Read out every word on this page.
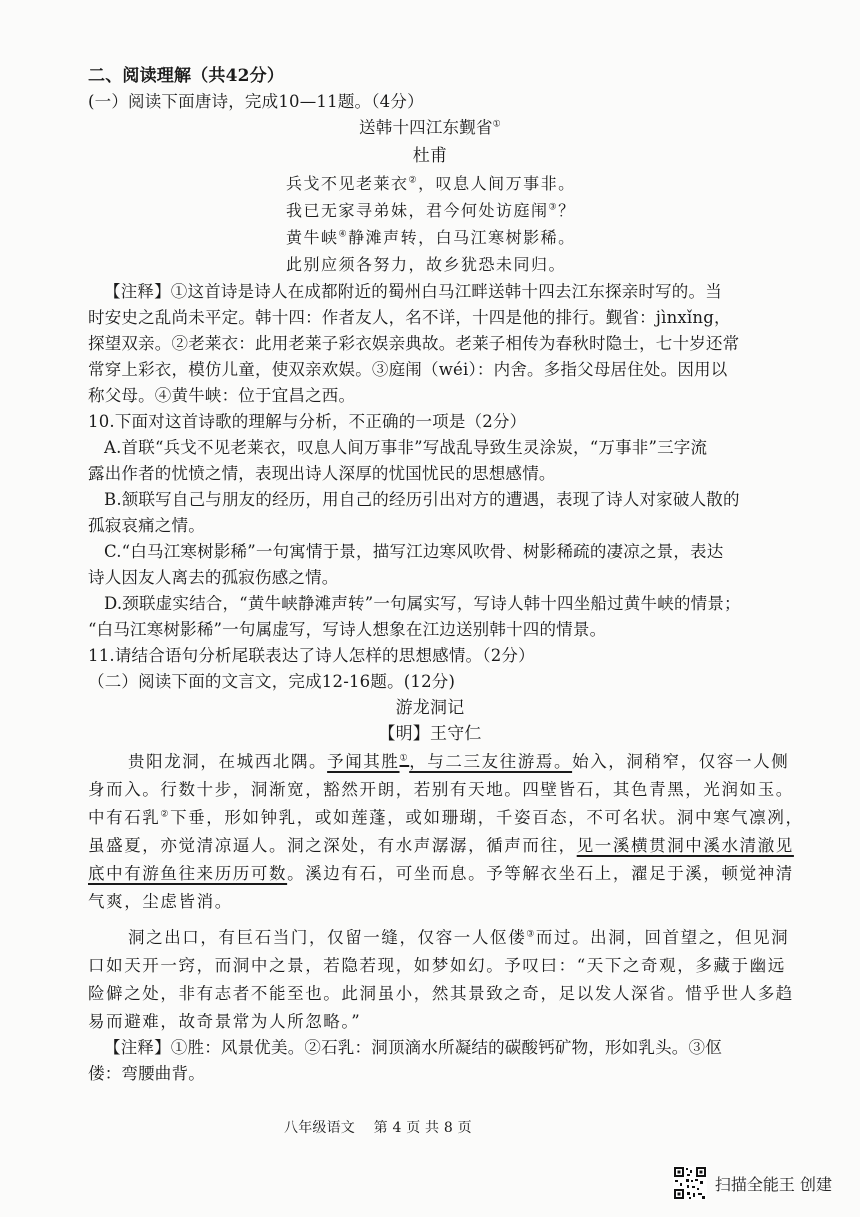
二、阅读理解（共42分）
(一）阅读下面唐诗，完成10—11题。（4分）
送韩十四江东觐省①
杜甫
兵戈不见老莱衣②，叹息人间万事非。
我已无家寻弟妹，君今何处访庭闱③？
黄牛峡④静滩声转，白马江寒树影稀。
此别应须各努力，故乡犹恐未同归。
【注释】①这首诗是诗人在成都附近的蜀州白马江畔送韩十四去江东探亲时写的。当
时安史之乱尚未平定。韩十四：作者友人，名不详，十四是他的排行。觐省：jìnxǐng，
探望双亲。②老莱衣：此用老莱子彩衣娱亲典故。老莱子相传为春秋时隐士，七十岁还常
常穿上彩衣，模仿儿童，使双亲欢娱。③庭闱（wéi）：内舍。多指父母居住处。因用以
称父母。④黄牛峡：位于宜昌之西。
10.下面对这首诗歌的理解与分析，不正确的一项是（2分）
A.首联“兵戈不见老莱衣，叹息人间万事非”写战乱导致生灵涂炭，“万事非”三字流
露出作者的忧愤之情，表现出诗人深厚的忧国忧民的思想感情。
B.颔联写自己与朋友的经历，用自己的经历引出对方的遭遇，表现了诗人对家破人散的
孤寂哀痛之情。
C.“白马江寒树影稀”一句寓情于景，描写江边寒风吹骨、树影稀疏的凄凉之景，表达
诗人因友人离去的孤寂伤感之情。
D.颈联虚实结合，“黄牛峡静滩声转”一句属实写，写诗人韩十四坐船过黄牛峡的情景；
“白马江寒树影稀”一句属虚写，写诗人想象在江边送别韩十四的情景。
11.请结合语句分析尾联表达了诗人怎样的思想感情。（2分）
（二）阅读下面的文言文，完成12-16题。(12分)
游龙洞记
【明】王守仁
贵阳龙洞，在城西北隅。予闻其胜①，与二三友往游焉。始入，洞稍窄，仅容一人侧
身而入。行数十步，洞渐宽，豁然开朗，若别有天地。四壁皆石，其色青黑，光润如玉。
中有石乳②下垂，形如钟乳，或如莲蓬，或如珊瑚，千姿百态，不可名状。洞中寒气凛冽，
虽盛夏，亦觉清凉逼人。洞之深处，有水声潺潺，循声而往，见一溪横贯洞中溪水清澈见
底中有游鱼往来历历可数。溪边有石，可坐而息。予等解衣坐石上，濯足于溪，顿觉神清
气爽，尘虑皆消。
洞之出口，有巨石当门，仅留一缝，仅容一人伛偻③而过。出洞，回首望之，但见洞
口如天开一窍，而洞中之景，若隐若现，如梦如幻。予叹曰：“天下之奇观，多藏于幽远
险僻之处，非有志者不能至也。此洞虽小，然其景致之奇，足以发人深省。惜乎世人多趋
易而避难，故奇景常为人所忽略。”
【注释】①胜：风景优美。②石乳：洞顶滴水所凝结的碳酸钙矿物，形如乳头。③伛
偻：弯腰曲背。
八年级语文    第 4 页 共 8 页
扫描全能王 创建
